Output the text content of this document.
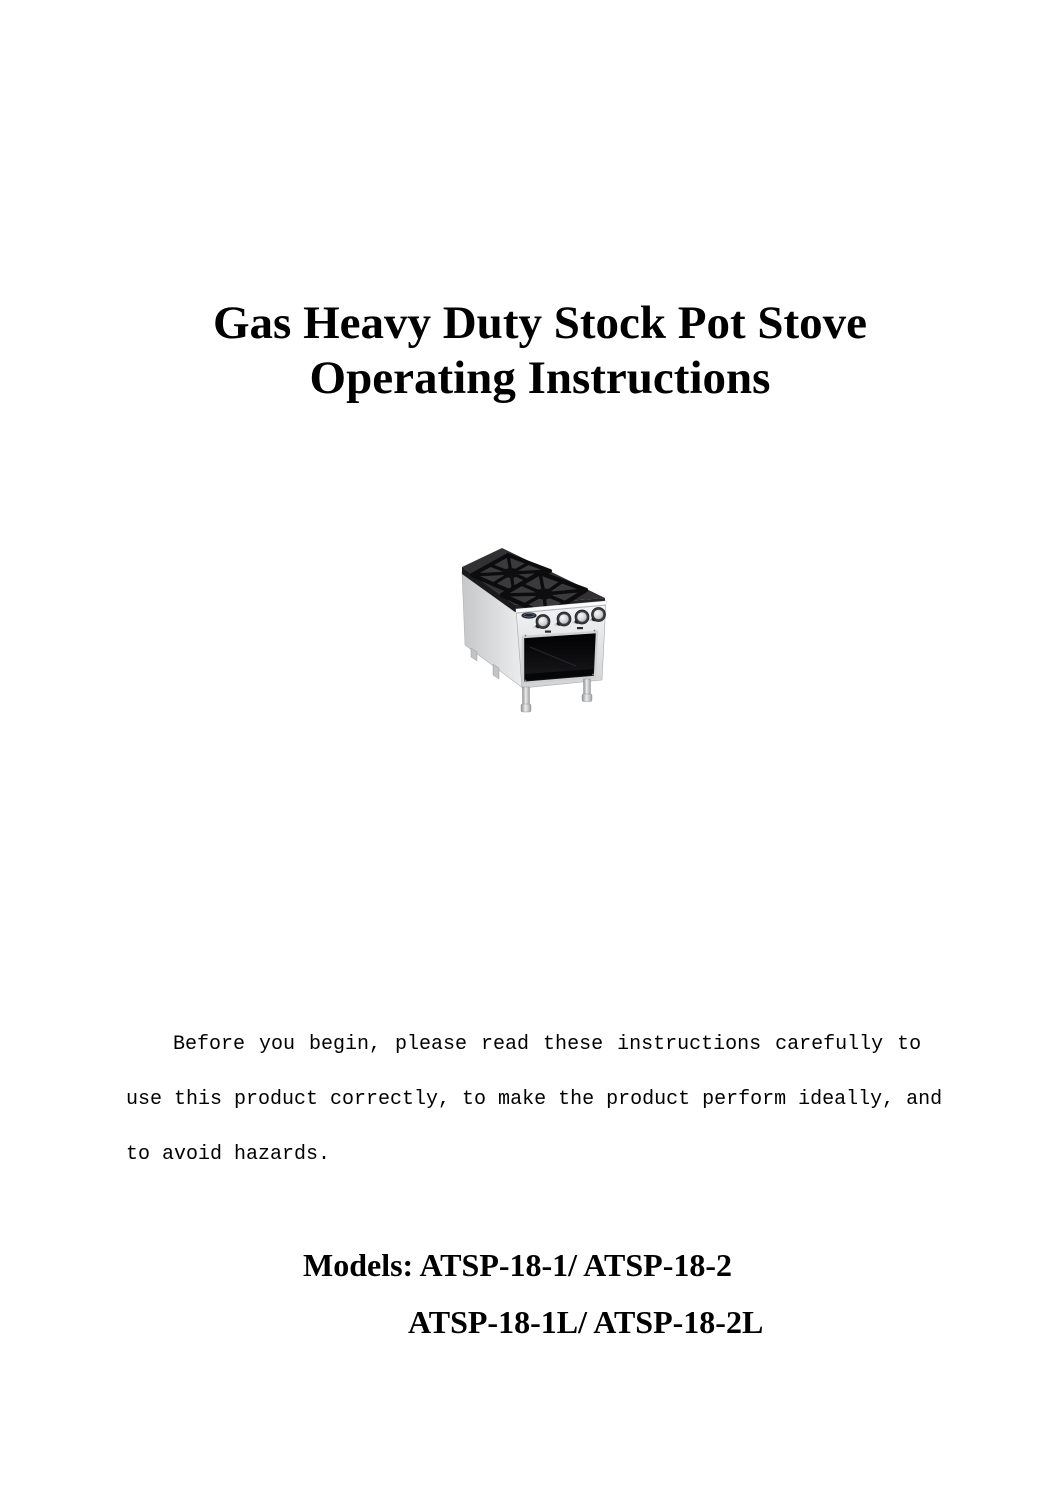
Gas Heavy Duty Stock Pot Stove
Operating Instructions
Before you begin, please read these instructions carefully to
use this product correctly, to make the product perform ideally, and
to avoid hazards.
Models: ATSP-18-1/ ATSP-18-2
ATSP-18-1L/ ATSP-18-2L
